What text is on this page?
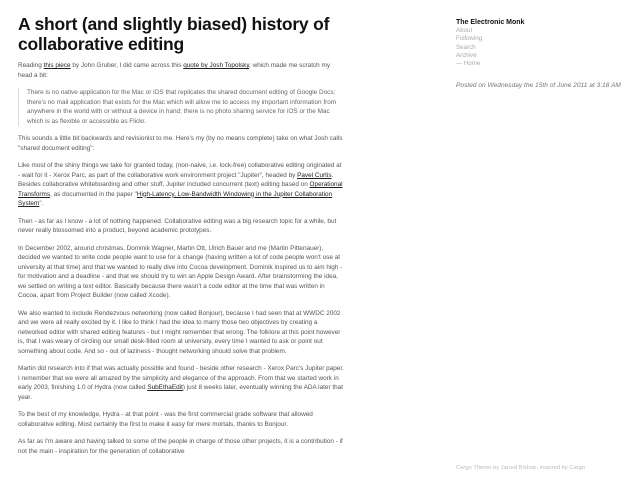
A short (and slightly biased) history of collaborative editing
Reading this piece by John Gruber, I did came across this quote by Josh Topolsky, which made me scratch my head a bit:
There is no native application for the Mac or iOS that replicates the shared document editing of Google Docs; there's no mail application that exists for the Mac which will allow me to access my important information from anywhere in the world with or without a device in hand; there is no photo sharing service for iOS or the Mac which is as flexible or accessible as Flickr.
This sounds a little bit backwards and revisionist to me. Here's my (by no means complete) take on what Josh calls "shared document editing":
Like most of the shiny things we take for granted today, (non-naive, i.e. lock-free) collaborative editing originated at - wait for it - Xerox Parc, as part of the collaborative work environment project "Jupiter", headed by Pavel Curtis. Besides collaborative whiteboarding and other stuff, Jupiter included concurrent (text) editing based on Operational Transforms, as documented in the paper "High-Latency, Low-Bandwidth Windowing in the Jupiter Collaboration System".
Then - as far as I know - a lot of nothing happened. Collaborative editing was a big research topic for a while, but never really blossomed into a product, beyond academic prototypes.
In December 2002, around christmas, Dominik Wagner, Martin Ott, Ulrich Bauer and me (Martin Pittenauer), decided we wanted to write code people want to use for a change (having written a lot of code people won't use at university at that time) and that we wanted to really dive into Cocoa development. Dominik inspired us to aim high - for motivation and a deadline - and that we should try to win an Apple Design Award. After brainstorming the idea, we settled on writing a text editor. Basically because there wasn't a code editor at the time that was written in Cocoa, apart from Project Builder (now called Xcode).
We also wanted to include Rendezvous networking (now called Bonjour), because I had seen that at WWDC 2002 and we were all really excited by it. I like to think I had the idea to marry those two objectives by creating a networked editor with shared editing features - but I might remember that wrong. The folklore at this point however is, that I was weary of circling our small desk-filled room at university, every time I wanted to ask or point out something about code. And so - out of laziness - thought networking should solve that problem.
Martin did research into if that was actually possible and found - beside other research - Xerox Parc's Jupiter paper. I remember that we were all amazed by the simplicity and elegance of the approach. From that we started work in early 2003, finishing 1.0 of Hydra (now called SubEthaEdit) just 8 weeks later, eventually winning the ADA later that year.
To the best of my knowledge, Hydra - at that point - was the first commercial grade software that allowed collaborative editing. Most certainly the first to make it easy for mere mortals, thanks to Bonjour.
As far as I'm aware and having talked to some of the people in charge of those other projects, it is a contribution - if not the main - inspiration for the generation of collaborative
The Electronic Monk
About
Following
Search
Archive
— Home
Posted on Wednesday the 15th of June 2011 at 3:18 AM
Cargo Theme by Jarred Bishop, inspired by Cargo
